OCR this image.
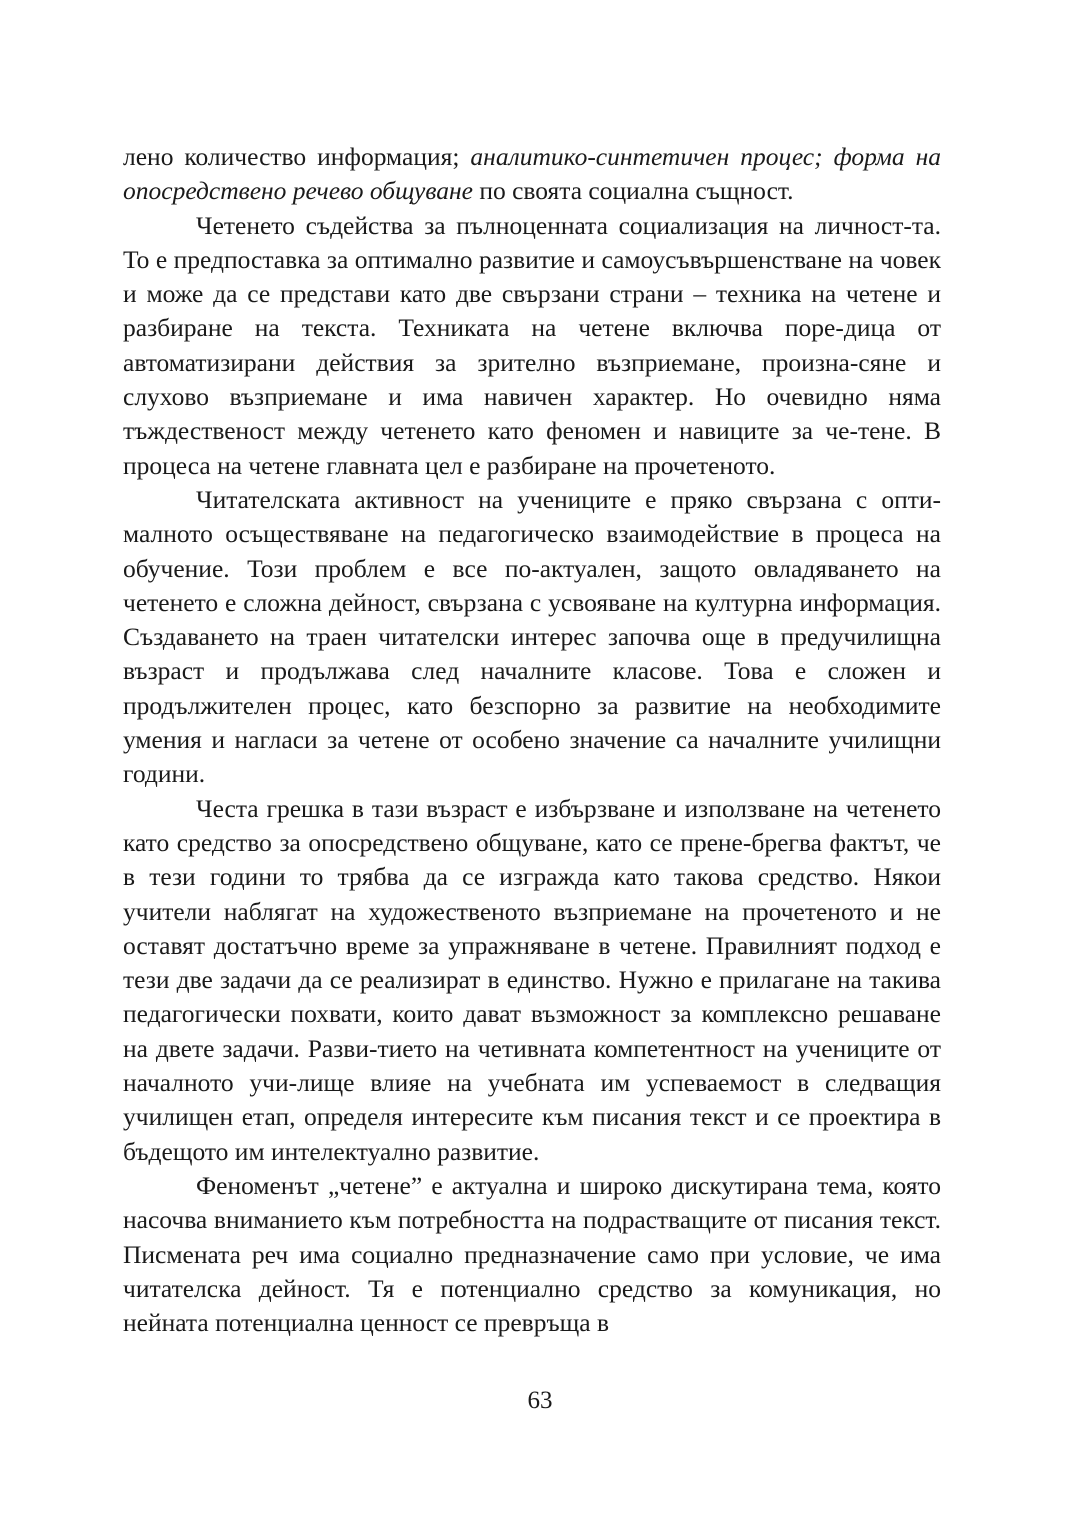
лено количество информация; аналитико-синтетичен процес; форма на опосредствено речево общуване по своята социална същност.

Четенето съдейства за пълноценната социализация на личност-та. То е предпоставка за оптимално развитие и самоусъвършенстване на човек и може да се представи като две свързани страни – техника на четене и разбиране на текста. Техниката на четене включва поре-дица от автоматизирани действия за зрително възприемане, произна-сяне и слухово възприемане и има навичен характер. Но очевидно няма тъждественост между четенето като феномен и навиците за че-тене. В процеса на четене главната цел е разбиране на прочетеното.

Читателската активност на учениците е пряко свързана с опти-малното осъществяване на педагогическо взаимодействие в процеса на обучение. Този проблем е все по-актуален, защото овладяването на четенето е сложна дейност, свързана с усвояване на културна информация. Създаването на траен читателски интерес започва още в предучилищна възраст и продължава след началните класове. Това е сложен и продължителен процес, като безспорно за развитие на необходимите умения и нагласи за четене от особено значение са началните училищни години.

Честа грешка в тази възраст е избързване и използване на четенето като средство за опосредствено общуване, като се прене-брегва фактът, че в тези години то трябва да се изгражда като такова средство. Някои учители наблягат на художественото възприемане на прочетеното и не оставят достатъчно време за упражняване в четене. Правилният подход е тези две задачи да се реализират в единство. Нужно е прилагане на такива педагогически похвати, които дават възможност за комплексно решаване на двете задачи. Разви-тието на четивната компетентност на учениците от началното учи-лище влияе на учебната им успеваемост в следващия училищен етап, определя интересите към писания текст и се проектира в бъдещото им интелектуално развитие.

Феноменът „четене” е актуална и широко дискутирана тема, която насочва вниманието към потребността на подрастващите от писания текст. Писмената реч има социално предназначение само при условие, че има читателска дейност. Тя е потенциално средство за комуникация, но нейната потенциална ценност се превръща в

63
